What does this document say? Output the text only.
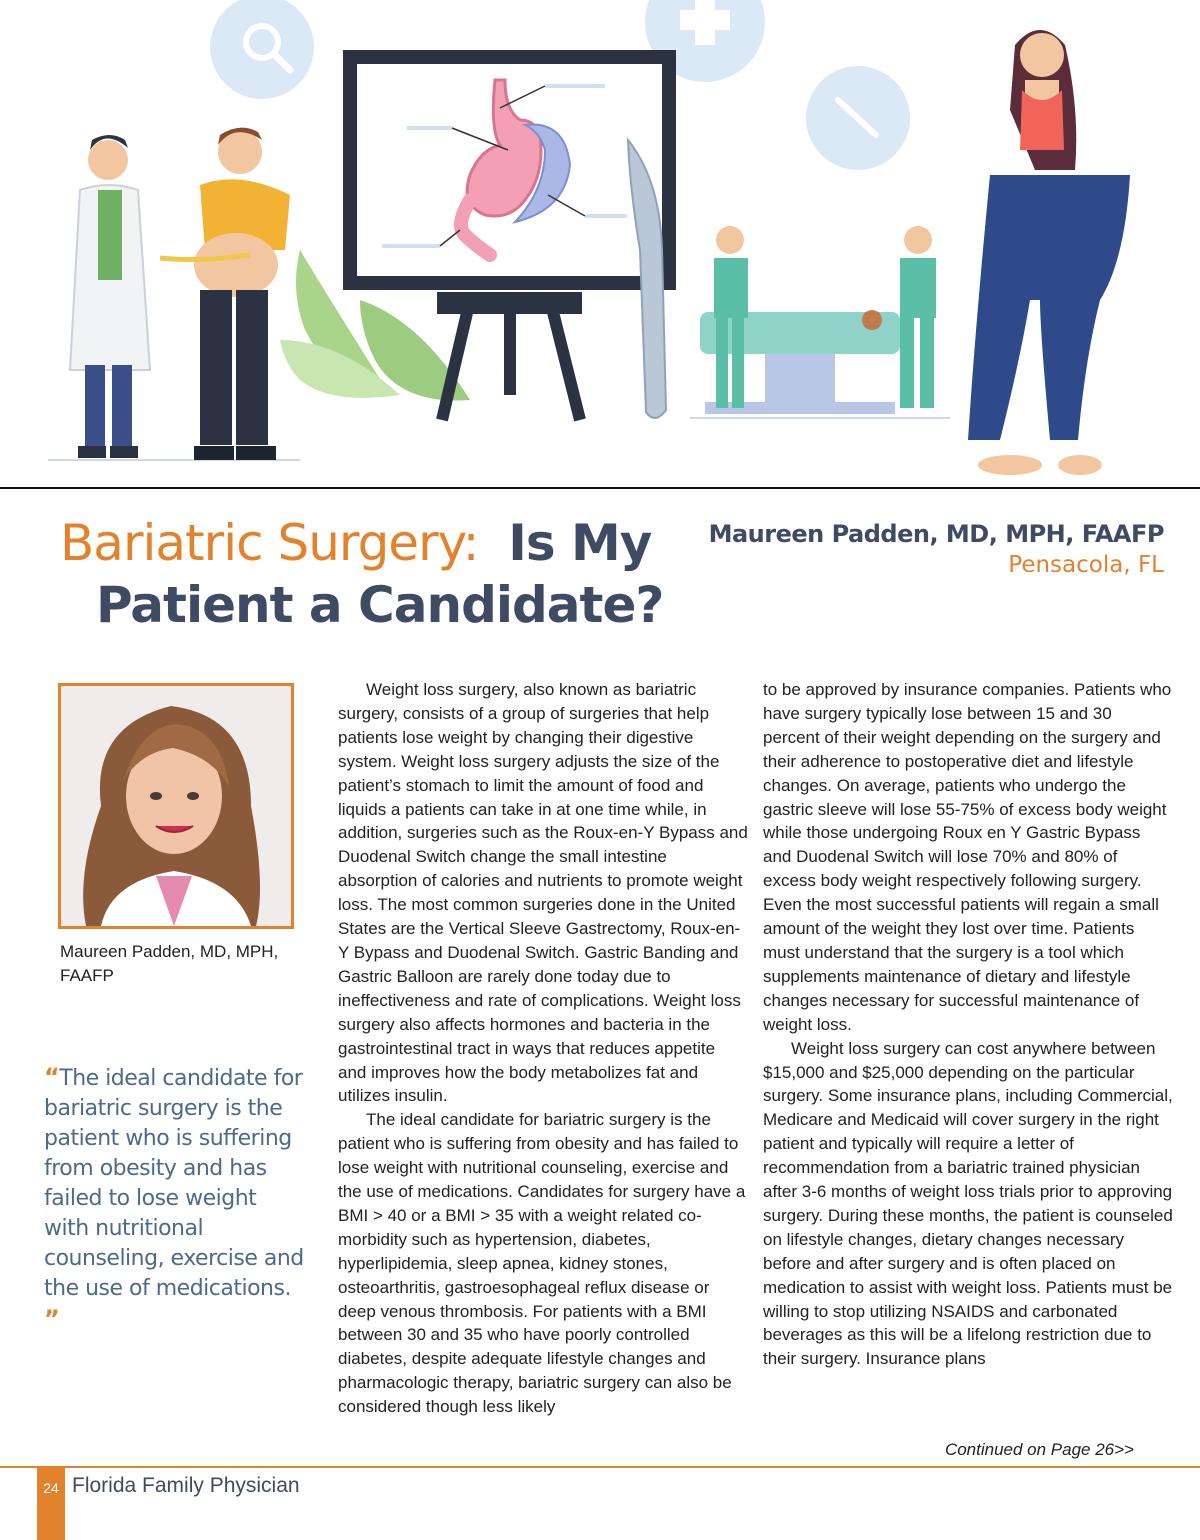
Bariatric Surgery: Is My
Patient a Candidate?
Maureen Padden, MD, MPH, FAAFP
Pensacola, FL
Maureen Padden, MD, MPH, FAAFP
“The ideal candidate for bariatric surgery is the patient who is suffering from obesity and has failed to lose weight with nutritional counseling, exercise and the use of medications. ”

Weight loss surgery, also known as bariatric surgery, consists of a group of surgeries that help patients lose weight by changing their digestive system. Weight loss surgery adjusts the size of the patient’s stomach to limit the amount of food and liquids a patients can take in at one time while, in addition, surgeries such as the Roux-en-Y Bypass and Duodenal Switch change the small intestine absorption of calories and nutrients to promote weight loss. The most common surgeries done in the United States are the Vertical Sleeve Gastrectomy, Roux-en-Y Bypass and Duodenal Switch. Gastric Banding and Gastric Balloon are rarely done today due to ineffectiveness and rate of complications. Weight loss surgery also affects hormones and bacteria in the gastrointestinal tract in ways that reduces appetite and improves how the body metabolizes fat and utilizes insulin.

The ideal candidate for bariatric surgery is the patient who is suffering from obesity and has failed to lose weight with nutritional counseling, exercise and the use of medications. Candidates for surgery have a BMI > 40 or a BMI > 35 with a weight related co-morbidity such as hypertension, diabetes, hyperlipidemia, sleep apnea, kidney stones, osteoarthritis, gastroesophageal reflux disease or deep venous thrombosis. For patients with a BMI between 30 and 35 who have poorly controlled diabetes, despite adequate lifestyle changes and pharmacologic therapy, bariatric surgery can also be considered though less likely

to be approved by insurance companies. Patients who have surgery typically lose between 15 and 30 percent of their weight depending on the surgery and their adherence to postoperative diet and lifestyle changes. On average, patients who undergo the gastric sleeve will lose 55-75% of excess body weight while those undergoing Roux en Y Gastric Bypass and Duodenal Switch will lose 70% and 80% of excess body weight respectively following surgery. Even the most successful patients will regain a small amount of the weight they lost over time. Patients must understand that the surgery is a tool which supplements maintenance of dietary and lifestyle changes necessary for successful maintenance of weight loss.

Weight loss surgery can cost anywhere between $15,000 and $25,000 depending on the particular surgery. Some insurance plans, including Commercial, Medicare and Medicaid will cover surgery in the right patient and typically will require a letter of recommendation from a bariatric trained physician after 3-6 months of weight loss trials prior to approving surgery. During these months, the patient is counseled on lifestyle changes, dietary changes necessary before and after surgery and is often placed on medication to assist with weight loss. Patients must be willing to stop utilizing NSAIDS and carbonated beverages as this will be a lifelong restriction due to their surgery. Insurance plans

Continued on Page 26>>
24 Florida Family Physician
